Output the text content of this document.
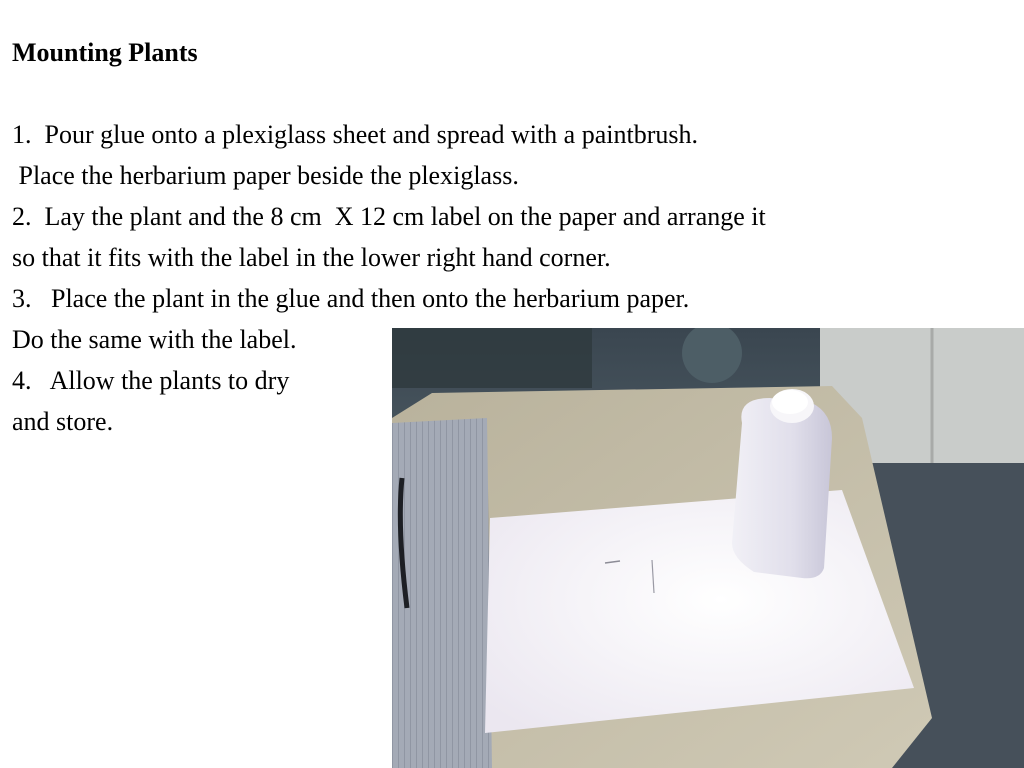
Mounting Plants
1.  Pour glue onto a plexiglass sheet and spread with a paintbrush.
Place the herbarium paper beside the plexiglass.
2.  Lay the plant and the 8 cm  X 12 cm label on the paper and arrange it
so that it fits with the label in the lower right hand corner.
3.   Place the plant in the glue and then onto the herbarium paper.
Do the same with the label.
4.   Allow the plants to dry
and store.
